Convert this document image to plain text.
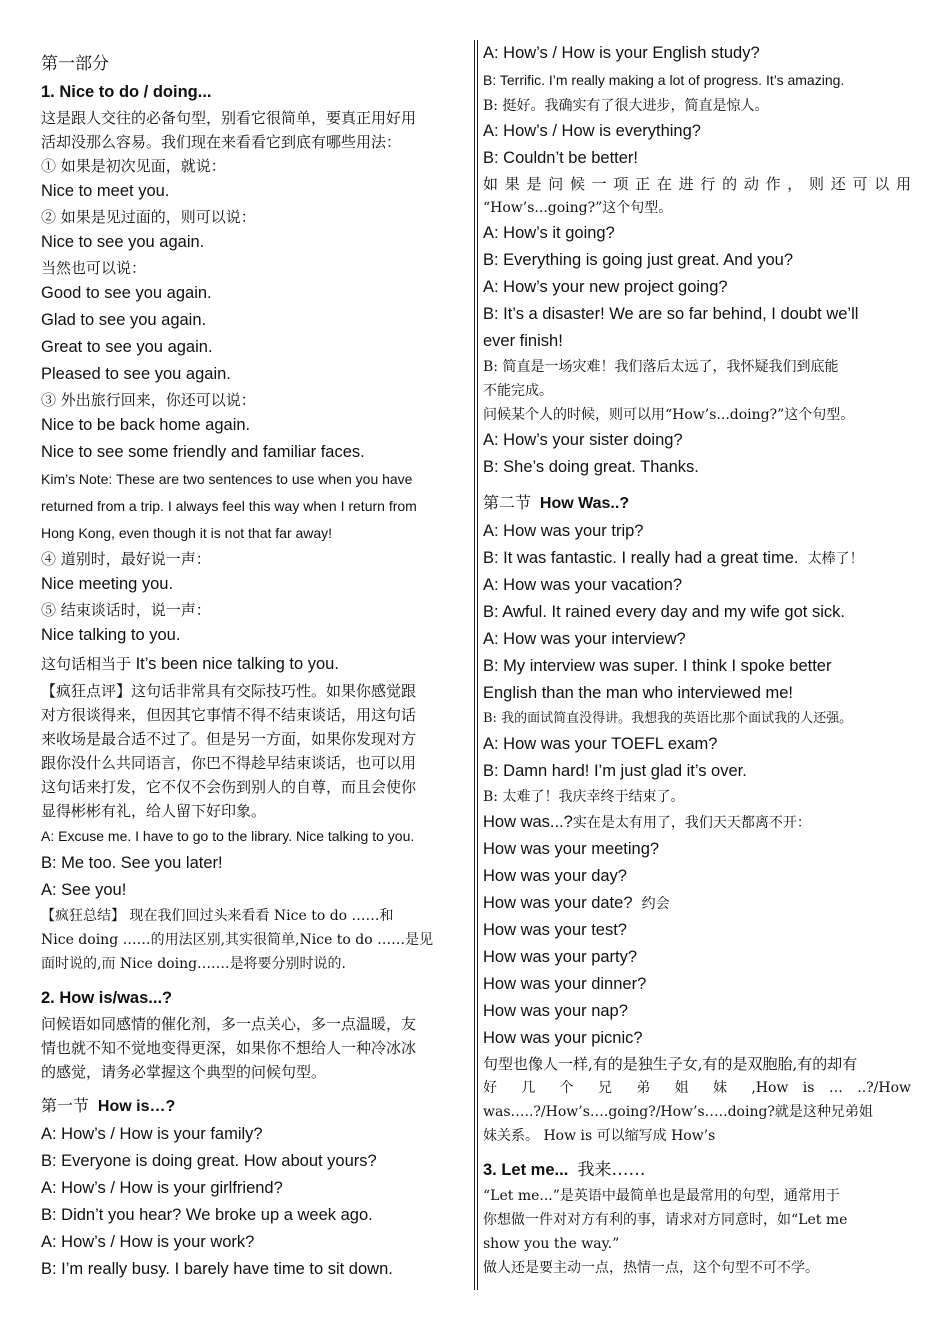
第一部分
1. Nice to do / doing...
这是跟人交往的必备句型，别看它很简单，要真正用好用
活却没那么容易。我们现在来看看它到底有哪些用法：
① 如果是初次见面，就说：
Nice to meet you.
② 如果是见过面的，则可以说：
Nice to see you again.
当然也可以说：
Good to see you again.
Glad to see you again.
Great to see you again.
Pleased to see you again.
③ 外出旅行回来，你还可以说：
Nice to be back home again.
Nice to see some friendly and familiar faces.
Kim’s Note: These are two sentences to use when you have
returned from a trip. I always feel this way when I return from
Hong Kong, even though it is not that far away!
④ 道别时，最好说一声：
Nice meeting you.
⑤ 结束谈话时，说一声：
Nice talking to you.
这句话相当于 It’s been nice talking to you.
【疯狂点评】这句话非常具有交际技巧性。如果你感觉跟
对方很谈得来，但因其它事情不得不结束谈话，用这句话
来收场是最合适不过了。但是另一方面，如果你发现对方
跟你没什么共同语言，你巴不得趁早结束谈话，也可以用
这句话来打发，它不仅不会伤到别人的自尊，而且会使你
显得彬彬有礼，给人留下好印象。
A: Excuse me. I have to go to the library. Nice talking to you.
B: Me too. See you later!
A: See you!
【疯狂总结】 现在我们回过头来看看 Nice to do ……和
Nice doing ……的用法区别,其实很简单,Nice to do ……是见
面时说的,而 Nice doing…….是将要分别时说的.
2. How is/was...?
问候语如同感情的催化剂，多一点关心，多一点温暖，友
情也就不知不觉地变得更深，如果你不想给人一种冷冰冰
的感觉，请务必掌握这个典型的问候句型。
第一节 How is…?
A: How’s / How is your family?
B: Everyone is doing great. How about yours?
A: How’s / How is your girlfriend?
B: Didn’t you hear? We broke up a week ago.
A: How’s / How is your work?
B: I’m really busy. I barely have time to sit down.
A: How’s / How is your English study?
B: Terrific. I’m really making a lot of progress. It’s amazing.
B: 挺好。我确实有了很大进步，简直是惊人。
A: How’s / How is everything?
B: Couldn’t be better!
如 果 是 问 候 一 项 正 在 进 行 的 动 作 ， 则 还 可 以 用
“How’s...going?”这个句型。
A: How’s it going?
B: Everything is going just great. And you?
A: How’s your new project going?
B: It’s a disaster! We are so far behind, I doubt we’ll
ever finish!
B: 简直是一场灾难！我们落后太远了，我怀疑我们到底能
不能完成。
问候某个人的时候，则可以用“How’s...doing?”这个句型。
A: How’s your sister doing?
B: She’s doing great. Thanks.
第二节 How Was..?
A: How was your trip?
B: It was fantastic. I really had a great time. 太棒了！
A: How was your vacation?
B: Awful. It rained every day and my wife got sick.
A: How was your interview?
B: My interview was super. I think I spoke better
English than the man who interviewed me!
B: 我的面试简直没得讲。我想我的英语比那个面试我的人还强。
A: How was your TOEFL exam?
B: Damn hard! I’m just glad it’s over.
B: 太难了！我庆幸终于结束了。
How was...?实在是太有用了，我们天天都离不开：
How was your meeting?
How was your day?
How was your date? 约会
How was your test?
How was your party?
How was your dinner?
How was your nap?
How was your picnic?
句型也像人一样,有的是独生子女,有的是双胞胎,有的却有
好 几 个 兄 弟 姐 妹 ,How is … ..?/How
was…..?/How’s….going?/How’s…..doing?就是这种兄弟姐
妹关系。 How is 可以缩写成 How’s
3. Let me... 我来……
“Let me...”是英语中最简单也是最常用的句型，通常用于
你想做一件对对方有利的事，请求对方同意时，如“Let me
show you the way.”
做人还是要主动一点，热情一点，这个句型不可不学。
